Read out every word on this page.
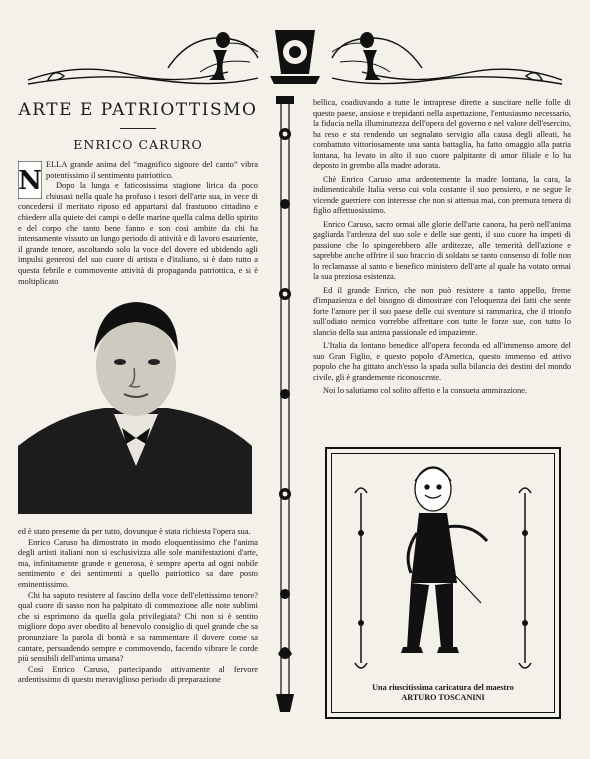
ARTE E PATRIOTTISMO
ENRICO CARURO
N

ELLA grande anima del “magnifico signore del canto” vibra potentissimo il sentimento patriottico.

Dopo la lunga e faticosissima stagione lirica da poco chiusasi nella quale ha profuso i tesori dell'arte sua, in vece di concedersi il meritato riposo ed appartarsi dal frastuono cittadino e chiedere alla quiete dei campi o delle marine quella calma dello spirito e del corpo che tanto bene fanno e son così ambite da chi ha intensamente vissuto un lungo periodo di attività e di lavoro esauriente, il grande tenore, ascoltando solo la voce del dovere ed ubidendo agli impulsi generosi del suo cuore di artista e d'italiano, si è dato tutto a questa febrile e commovente attività di propaganda patriottica, e si è moltiplicato

ed è stato presente da per tutto, dovunque è stata richiesta l'opera sua.

Enrico Caruso ha dimostrato in modo eloquentissimo che l'anima degli artisti italiani non si esclusivizza alle sole manifestazioni d'arte, ma, infinitamente grande e generosa, è sempre aperta ad ogni nobile sentimento e dei sentimenti a quello patriottico sa dare posto eminentissimo.

Chi ha saputo resistere al fascino della voce dell'elettissimo tenore? qual cuore di sasso non ha palpitato di commozione alle note sublimi che si esprimono da quella gola privilegiata? Chi non si è sentito migliore dopo aver obedito al benevolo consiglio di quel grande che sa pronunziare la parola di bontà e sa rammentare il dovere come sa cantare, persuadendo sempre e commovendo, facendo vibrare le corde più sensibili dell'anima umana?

Così Enrico Caruso, partecipando attivamente al fervore ardentissimo di questo meraviglioso periodo di preparazione

bellica, coadiuvando a tutte le intraprese dirette a suscitare nelle folle di questo paese, ansiose e trepidanti nella aspettazione, l'entusiasmo necessario, la fiducia nella illuminatezza dell'opera del governo e nel valore dell'esercito, ha reso e sta rendendo un segnalato servigio alla causa degli alleati, ha combattuto vittoriosamente una santa battaglia, ha fatto omaggio alla patria lontana, ha levato in alto il suo cuore palpitante di amor filiale e lo ha deposto in grembo alla madre adorata.

Chè Enrico Caruso ama ardentemente la madre lontana, la cara, la indimenticabile Italia verso cui vola costante il suo pensiero, e ne segue le vicende guerriere con interesse che non si attenua mai, con premura tenera di figlio affettuosissimo.

Enrico Caruso, sacro ormai alle glorie dell'arte canora, ha però nell'anima gagliarda l'ardenza del suo sole e delle sue genti, il suo cuore ha impeti di passione che lo spingerebbero alle arditezze, alle temerità dell'azione e saprebbe anche offrire il suo braccio di soldato se tanto consenso di folle non lo reclamasse al santo e benefico ministero dell'arte al quale ha votato ormai la sua preziosa esistenza.

Ed il grande Enrico, che non può resistere a tanto appello, freme d'impazienza e del bisogno di dimostrare con l'eloquenza dei fatti che sente forte l'amore per il suo paese delle cui sventure si rammarica, che il trionfo sull'odiato nemico vorrebbe affrettare con tutte le forze sue, con tutto lo slancio della sua anima passionale ed impaziente.

L'Italia da lontano benedice all'opera feconda ed all'immenso amore del suo Gran Figlio, e questo popolo d'America, questo immenso ed attivo popolo che ha gittato anch'esso la spada sulla bilancia dei destini del mondo civile, gli è grandemente riconoscente.

Noi lo salutiamo col solito affetto e la consueta ammirazione.

Una riuscitissima caricatura del maestro
ARTURO TOSCANINI
